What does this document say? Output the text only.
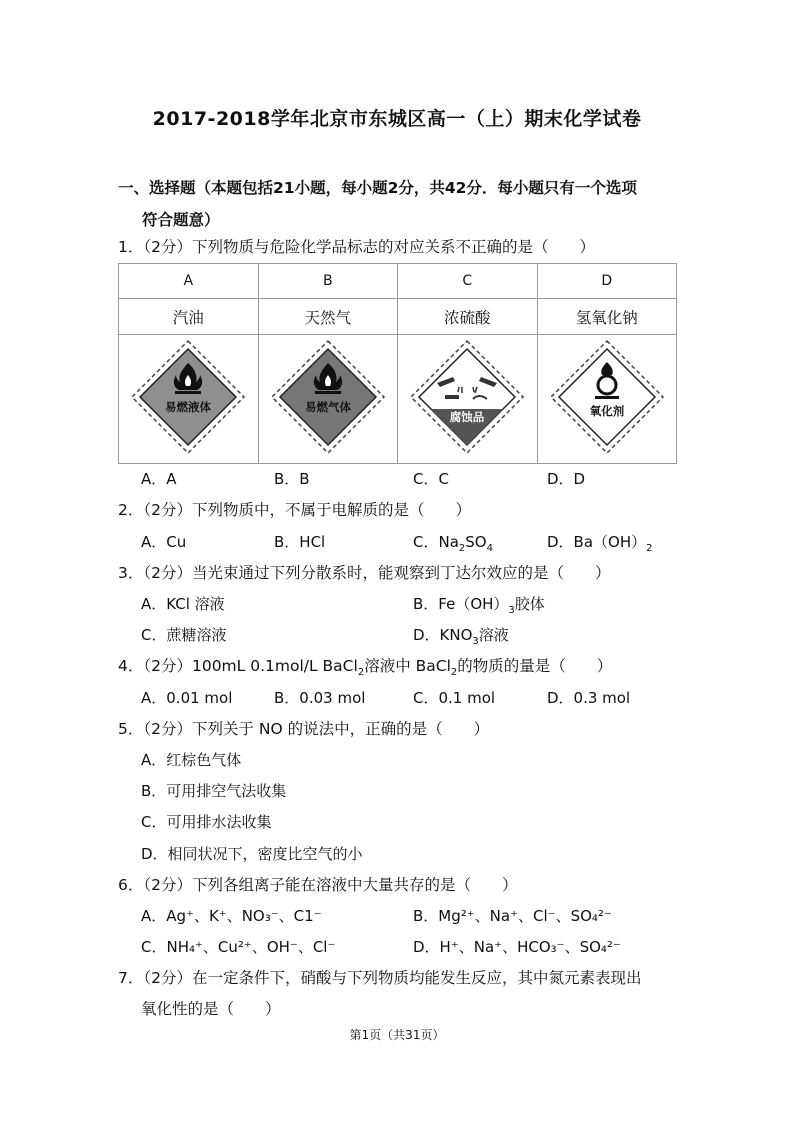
2017-2018学年北京市东城区高一（上）期末化学试卷
一、选择题（本题包括21小题，每小题2分，共42分．每小题只有一个选项
符合题意）
1．（2分）下列物质与危险化学品标志的对应关系不正确的是（　　）
A	B	C	D
汽油	天然气	浓硫酸	氢氧化钠

易燃液体	易燃气体	腐蚀品	氧化剂
A．A	B．B	C．C	D．D
2．（2分）下列物质中，不属于电解质的是（　　）
A．Cu	B．HCl	C．$Na_2SO_4$	D．$Ba(OH)_2$
3．（2分）当光束通过下列分散系时，能观察到丁达尔效应的是（　　）
A．KCl 溶液	B．$Fe(OH)_3$胶体
C．蔗糖溶液	D．$KNO_3$溶液
4．（2分）100mL 0.1mol/L BaCl$_2$溶液中 BaCl$_2$的物质的量是（　　）
A．0.01 mol	B．0.03 mol	C．0.1 mol	D．0.3 mol
5．（2分）下列关于 NO 的说法中，正确的是（　　）
A．红棕色气体
B．可用排空气法收集
C．可用排水法收集
D．相同状况下，密度比空气的小
6．（2分）下列各组离子能在溶液中大量共存的是（　　）
A．Ag⁺、K⁺、NO₃⁻、C1⁻	B．Mg²⁺、Na⁺、Cl⁻、SO₄²⁻
C．NH₄⁺、Cu²⁺、OH⁻、Cl⁻	D．H⁺、Na⁺、HCO₃⁻、SO₄²⁻
7．（2分）在一定条件下，硝酸与下列物质均能发生反应，其中氮元素表现出
氧化性的是（　　）
第1页（共31页）
